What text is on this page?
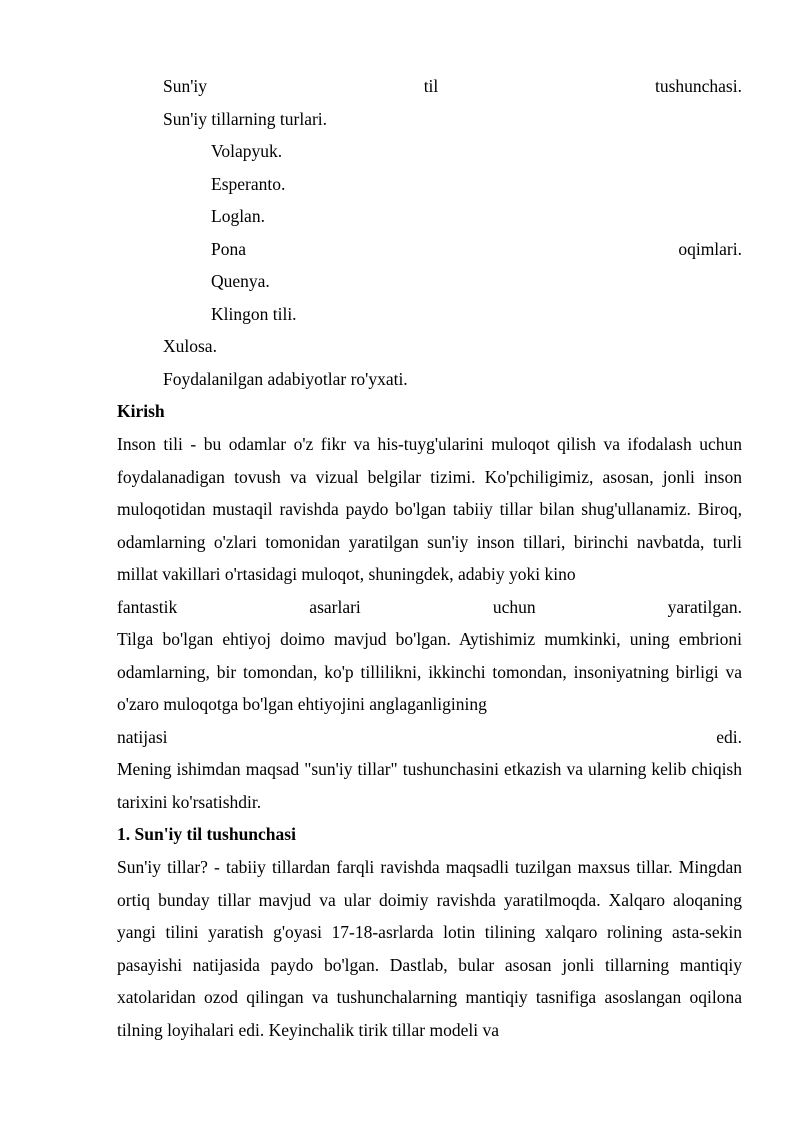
Sun'iy	til	tushunchasi.
Sun'iy tillarning turlari.
Volapyuk.
Esperanto.
Loglan.
Pona	oqimlari.
Quenya.
Klingon tili.
Xulosa.
Foydalanilgan adabiyotlar ro'yxati.
Kirish

Inson tili - bu odamlar o'z fikr va his-tuyg'ularini muloqot qilish va ifodalash uchun foydalanadigan tovush va vizual belgilar tizimi. Ko'pchiligimiz, asosan, jonli inson muloqotidan mustaqil ravishda paydo bo'lgan tabiiy tillar bilan shug'ullanamiz. Biroq, odamlarning o'zlari tomonidan yaratilgan sun'iy inson tillari, birinchi navbatda, turli millat vakillari o'rtasidagi muloqot, shuningdek, adabiy yoki kino

fantastik	asarlari	uchun	yaratilgan.

Tilga bo'lgan ehtiyoj doimo mavjud bo'lgan. Aytishimiz mumkinki, uning embrioni odamlarning, bir tomondan, ko'p tillilikni, ikkinchi tomondan, insoniyatning birligi va o'zaro muloqotga bo'lgan ehtiyojini anglaganligining

natijasi	edi.

Mening ishimdan maqsad "sun'iy tillar" tushunchasini etkazish va ularning kelib chiqish tarixini ko'rsatishdir.

1. Sun'iy til tushunchasi

Sun'iy tillar? - tabiiy tillardan farqli ravishda maqsadli tuzilgan maxsus tillar. Mingdan ortiq bunday tillar mavjud va ular doimiy ravishda yaratilmoqda. Xalqaro aloqaning yangi tilini yaratish g'oyasi 17-18-asrlarda lotin tilining xalqaro rolining asta-sekin pasayishi natijasida paydo bo'lgan. Dastlab, bular asosan jonli tillarning mantiqiy xatolaridan ozod qilingan va tushunchalarning mantiqiy tasnifiga asoslangan oqilona tilning loyihalari edi. Keyinchalik tirik tillar modeli va
